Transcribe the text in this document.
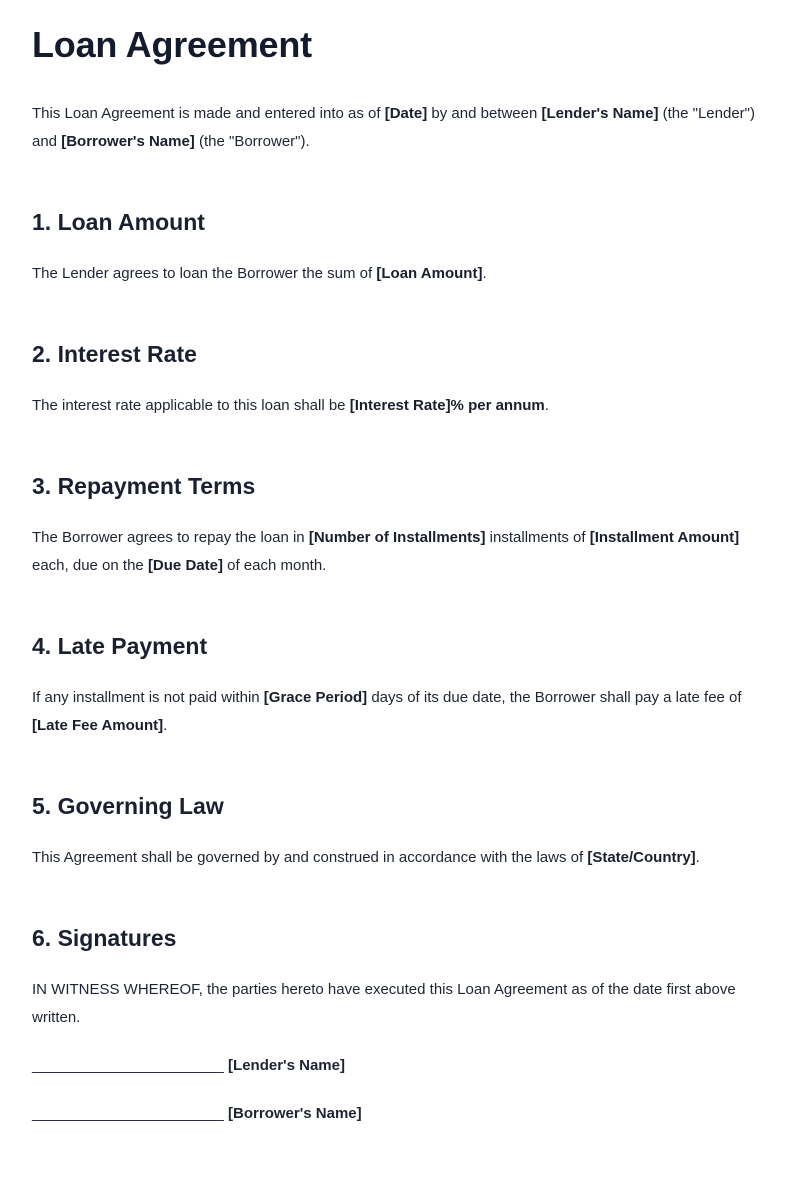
Loan Agreement

This Loan Agreement is made and entered into as of [Date] by and between [Lender's Name] (the "Lender") and [Borrower's Name] (the "Borrower").

1. Loan Amount

The Lender agrees to loan the Borrower the sum of [Loan Amount].

2. Interest Rate

The interest rate applicable to this loan shall be [Interest Rate]% per annum.

3. Repayment Terms

The Borrower agrees to repay the loan in [Number of Installments] installments of [Installment Amount] each, due on the [Due Date] of each month.

4. Late Payment

If any installment is not paid within [Grace Period] days of its due date, the Borrower shall pay a late fee of [Late Fee Amount].

5. Governing Law

This Agreement shall be governed by and construed in accordance with the laws of [State/Country].

6. Signatures

IN WITNESS WHEREOF, the parties hereto have executed this Loan Agreement as of the date first above written.

_______________________ [Lender's Name]
_______________________ [Borrower's Name]
